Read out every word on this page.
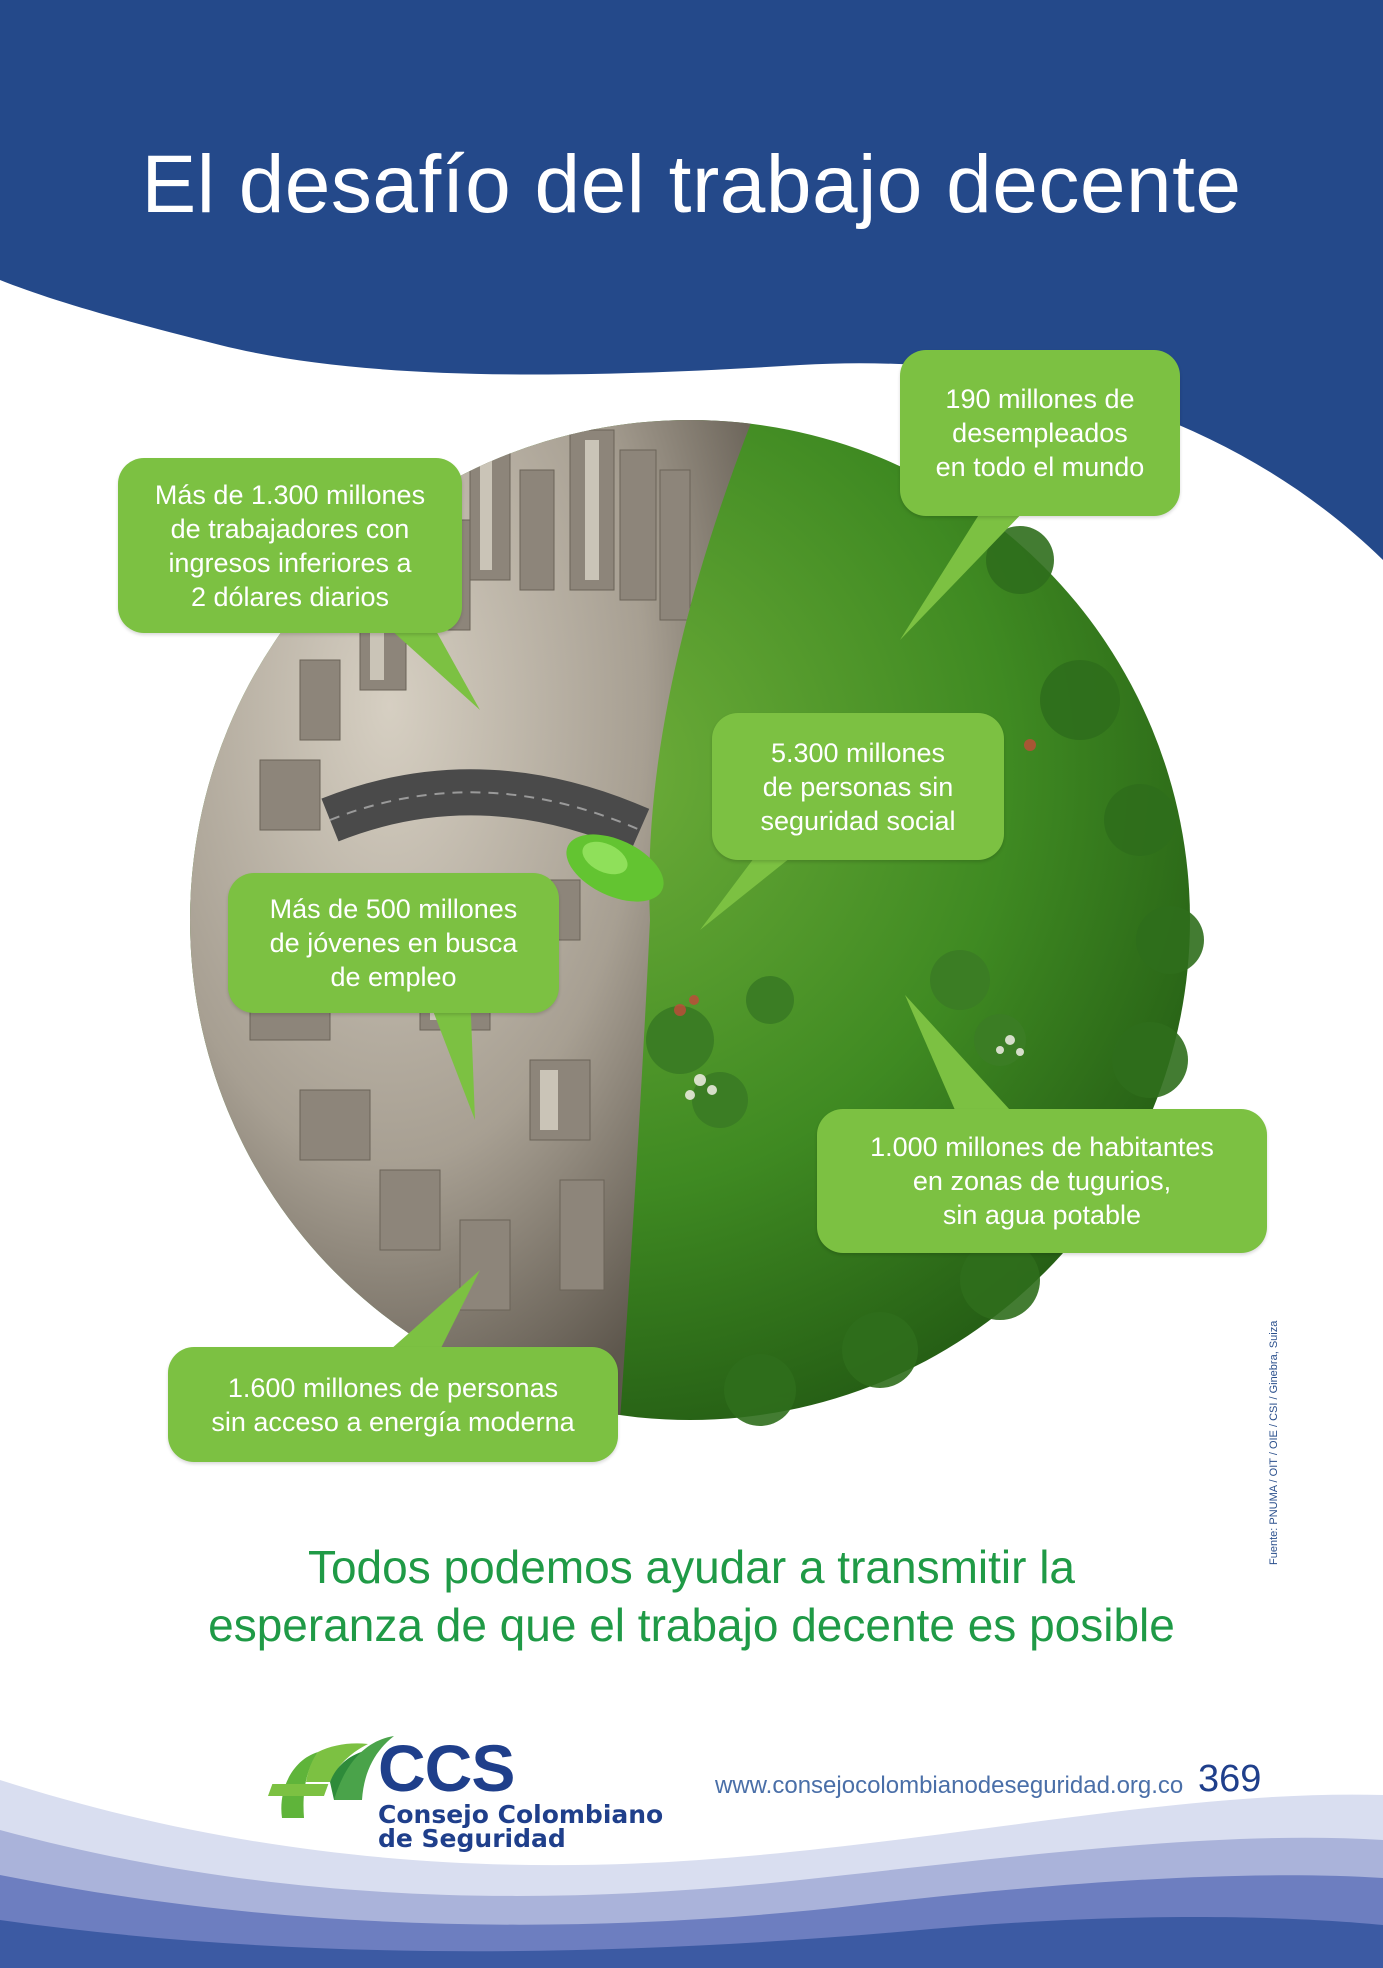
El desafío del trabajo decente
Más de 1.300 millones
de trabajadores con
ingresos inferiores a
2 dólares diarios
190 millones de
desempleados
en todo el mundo
5.300 millones
de personas sin
seguridad social
Más de 500 millones
de jóvenes en busca
de empleo
1.000 millones de habitantes
en zonas de tugurios,
sin agua potable
1.600 millones de personas
sin acceso a energía moderna

Todos podemos ayudar a transmitir la
esperanza de que el trabajo decente es posible

Fuente: PNUMA / OIT / OIE / CSI / Ginebra, Suiza
CCS
Consejo Colombiano
de Seguridad
www.consejocolombianodeseguridad.org.co 369
